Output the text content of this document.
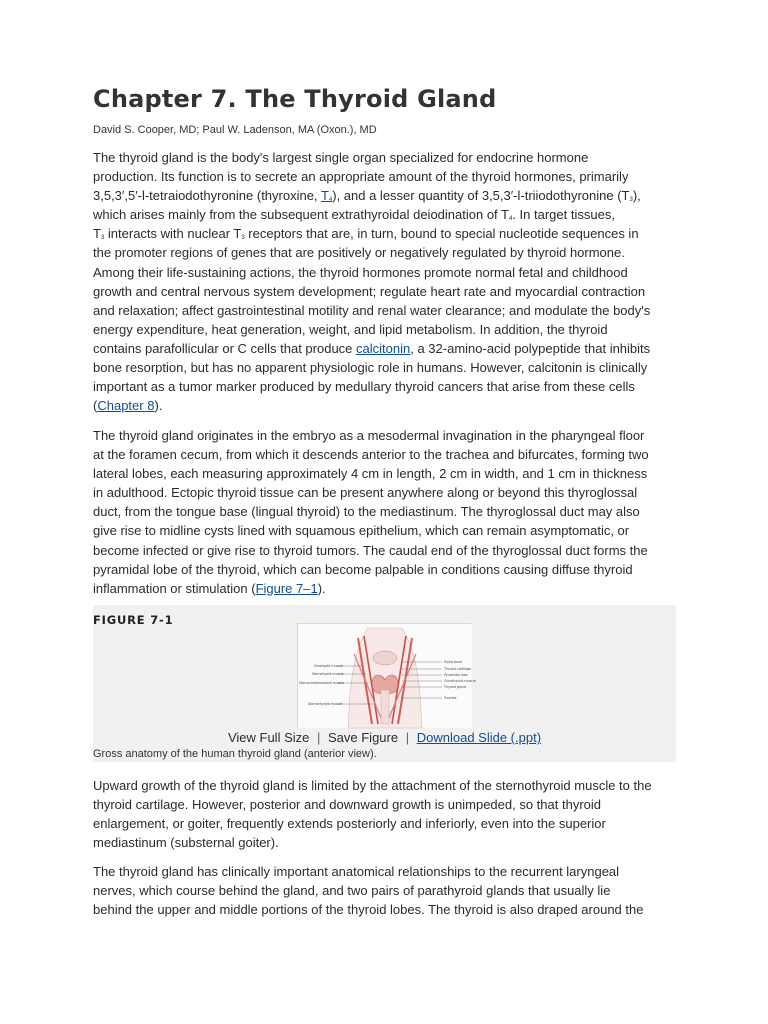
Chapter 7. The Thyroid Gland
David S. Cooper, MD; Paul W. Ladenson, MA (Oxon.), MD
The thyroid gland is the body's largest single organ specialized for endocrine hormone
production. Its function is to secrete an appropriate amount of the thyroid hormones, primarily
3,5,3′,5′-l-tetraiodothyronine (thyroxine, $T_4$), and a lesser quantity of 3,5,3′-l-triiodothyronine $(T_3)$,
which arises mainly from the subsequent extrathyroidal deiodination of $T_4$. In target tissues,
$T_3$ interacts with nuclear $T_3$ receptors that are, in turn, bound to special nucleotide sequences in
the promoter regions of genes that are positively or negatively regulated by thyroid hormone.
Among their life-sustaining actions, the thyroid hormones promote normal fetal and childhood
growth and central nervous system development; regulate heart rate and myocardial contraction
and relaxation; affect gastrointestinal motility and renal water clearance; and modulate the body's
energy expenditure, heat generation, weight, and lipid metabolism. In addition, the thyroid
contains parafollicular or C cells that produce calcitonin, a 32-amino-acid polypeptide that inhibits
bone resorption, but has no apparent physiologic role in humans. However, calcitonin is clinically
important as a tumor marker produced by medullary thyroid cancers that arise from these cells
(Chapter 8).
The thyroid gland originates in the embryo as a mesodermal invagination in the pharyngeal floor
at the foramen cecum, from which it descends anterior to the trachea and bifurcates, forming two
lateral lobes, each measuring approximately 4 cm in length, 2 cm in width, and 1 cm in thickness
in adulthood. Ectopic thyroid tissue can be present anywhere along or beyond this thyroglossal
duct, from the tongue base (lingual thyroid) to the mediastinum. The thyroglossal duct may also
give rise to midline cysts lined with squamous epithelium, which can remain asymptomatic, or
become infected or give rise to thyroid tumors. The caudal end of the thyroglossal duct forms the
pyramidal lobe of the thyroid, which can become palpable in conditions causing diffuse thyroid
inflammation or stimulation (Figure 7–1).
FIGURE 7-1
Omohyoid muscle
Sternohyoid muscle
Sternocleidomastoid muscle
Sternothyroid muscle
Hyoid bone
Thyroid cartilage
Pyramidal lobe
Cricothyroid muscle
Thyroid gland
Trachea
View Full Size | Save Figure | Download Slide (.ppt)
Gross anatomy of the human thyroid gland (anterior view).
Upward growth of the thyroid gland is limited by the attachment of the sternothyroid muscle to the
thyroid cartilage. However, posterior and downward growth is unimpeded, so that thyroid
enlargement, or goiter, frequently extends posteriorly and inferiorly, even into the superior
mediastinum (substernal goiter).
The thyroid gland has clinically important anatomical relationships to the recurrent laryngeal
nerves, which course behind the gland, and two pairs of parathyroid glands that usually lie
behind the upper and middle portions of the thyroid lobes. The thyroid is also draped around the
